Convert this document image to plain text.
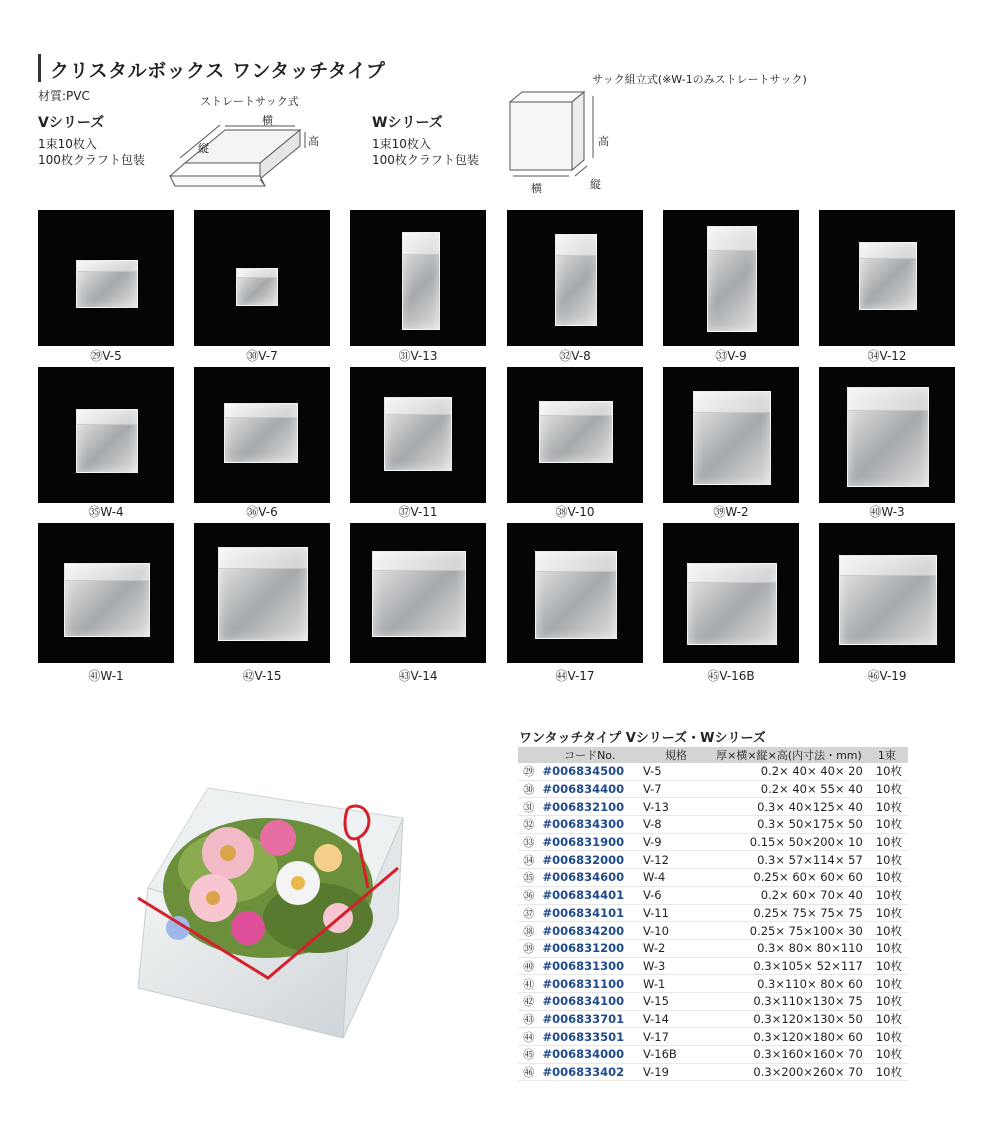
クリスタルボックス ワンタッチタイプ
材質:PVC
Vシリーズ
1束10枚入
100枚クラフト包装
ストレートサック式
横
縦
高
Wシリーズ
1束10枚入
100枚クラフト包装
サック組立式(※W-1のみストレートサック)
横	縦
高
㉙V-5	㉚V-7	㉛V-13	㉜V-8	㉝V-9	㉞V-12
㉟W-4	㊱V-6	㊲V-11	㊳V-10	㊴W-2	㊵W-3
㊶W-1	㊷V-15	㊸V-14	㊹V-17	㊺V-16B	㊻V-19
ワンタッチタイプ Vシリーズ・Wシリーズ
	コードNo.	規格	厚×横×縦×高(内寸法・mm)	1束
㉙	#006834500	V-5	0.2× 40× 40× 20	10枚
㉚	#006834400	V-7	0.2× 40× 55× 40	10枚
㉛	#006832100	V-13	0.3× 40×125× 40	10枚
㉜	#006834300	V-8	0.3× 50×175× 50	10枚
㉝	#006831900	V-9	0.15× 50×200× 10	10枚
㉞	#006832000	V-12	0.3× 57×114× 57	10枚
㉟	#006834600	W-4	0.25× 60× 60× 60	10枚
㊱	#006834401	V-6	0.2× 60× 70× 40	10枚
㊲	#006834101	V-11	0.25× 75× 75× 75	10枚
㊳	#006834200	V-10	0.25× 75×100× 30	10枚
㊴	#006831200	W-2	0.3× 80× 80×110	10枚
㊵	#006831300	W-3	0.3×105× 52×117	10枚
㊶	#006831100	W-1	0.3×110× 80× 60	10枚
㊷	#006834100	V-15	0.3×110×130× 75	10枚
㊸	#006833701	V-14	0.3×120×130× 50	10枚
㊹	#006833501	V-17	0.3×120×180× 60	10枚
㊺	#006834000	V-16B	0.3×160×160× 70	10枚
㊻	#006833402	V-19	0.3×200×260× 70	10枚
